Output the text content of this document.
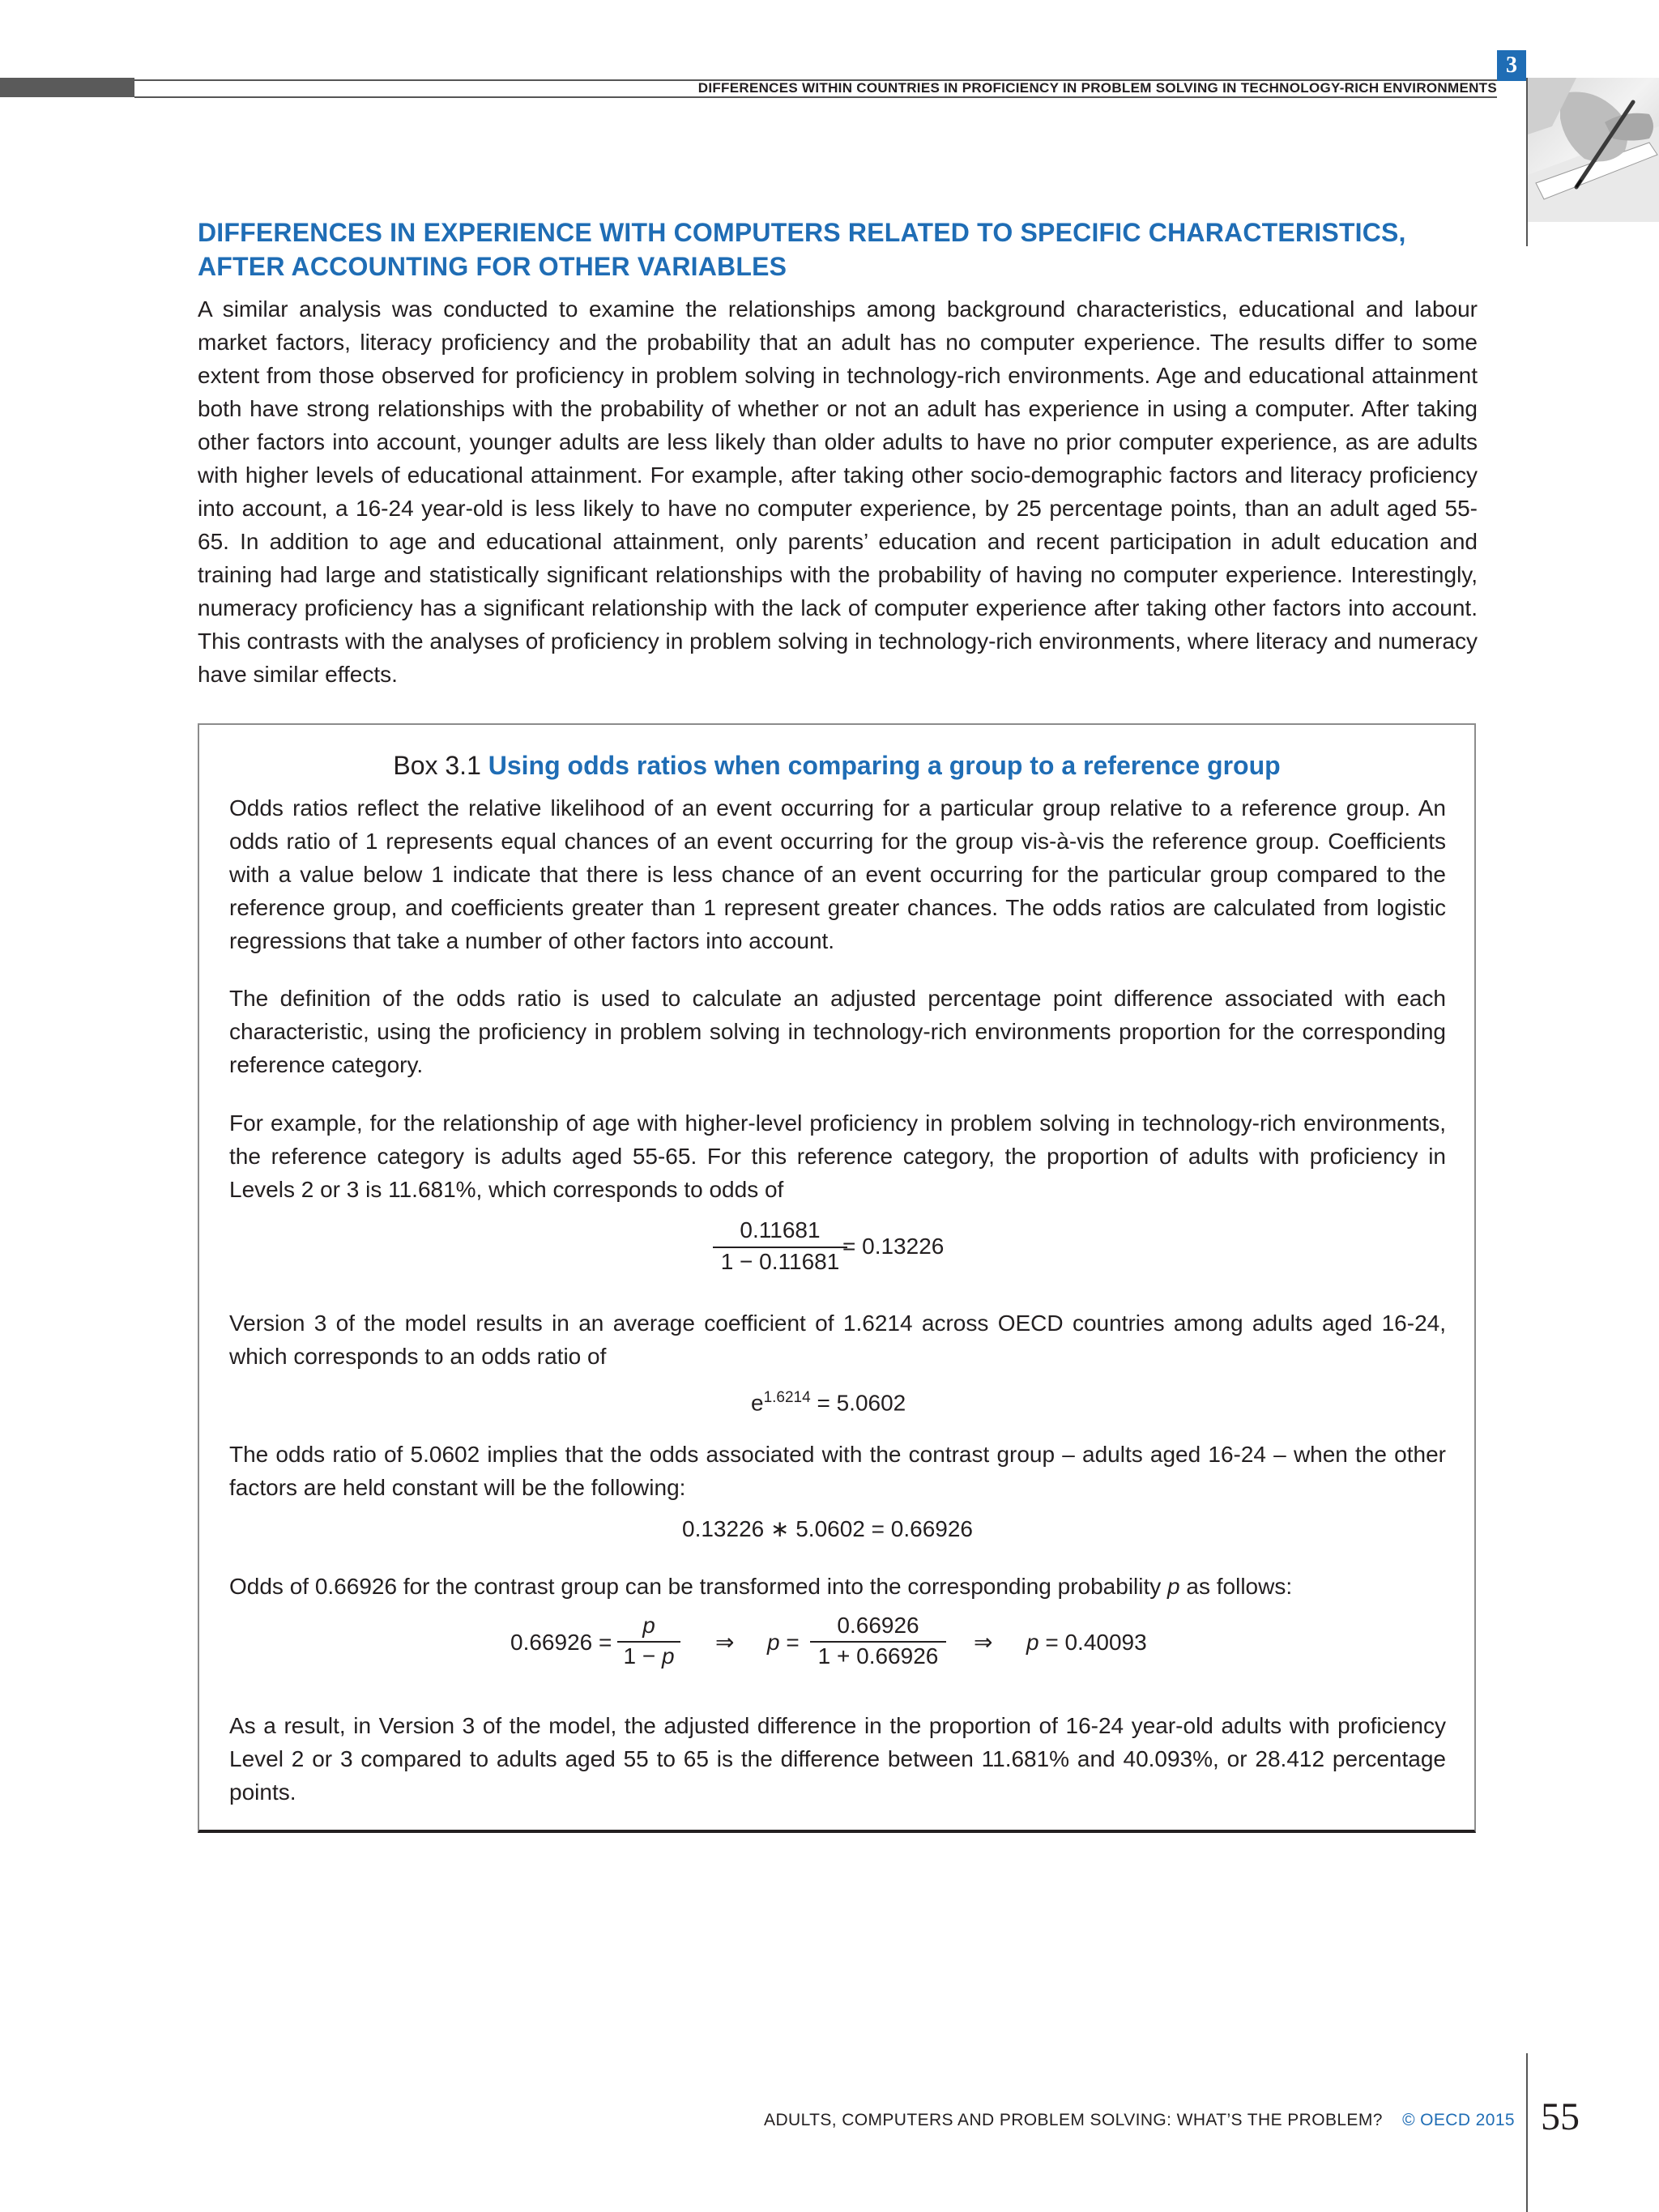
DIFFERENCES WITHIN COUNTRIES IN PROFICIENCY IN PROBLEM SOLVING IN TECHNOLOGY-RICH ENVIRONMENTS
3
DIFFERENCES IN EXPERIENCE WITH COMPUTERS RELATED TO SPECIFIC CHARACTERISTICS,
AFTER ACCOUNTING FOR OTHER VARIABLES
A similar analysis was conducted to examine the relationships among background characteristics, educational and labour market factors, literacy proficiency and the probability that an adult has no computer experience. The results differ to some extent from those observed for proficiency in problem solving in technology-rich environments. Age and educational attainment both have strong relationships with the probability of whether or not an adult has experience in using a computer. After taking other factors into account, younger adults are less likely than older adults to have no prior computer experience, as are adults with higher levels of educational attainment. For example, after taking other socio-demographic factors and literacy proficiency into account, a 16-24 year-old is less likely to have no computer experience, by 25 percentage points, than an adult aged 55-65. In addition to age and educational attainment, only parents’ education and recent participation in adult education and training had large and statistically significant relationships with the probability of having no computer experience. Interestingly, numeracy proficiency has a significant relationship with the lack of computer experience after taking other factors into account. This contrasts with the analyses of proficiency in problem solving in technology-rich environments, where literacy and numeracy have similar effects.
Box 3.1 Using odds ratios when comparing a group to a reference group
Odds ratios reflect the relative likelihood of an event occurring for a particular group relative to a reference group. An odds ratio of 1 represents equal chances of an event occurring for the group vis-à-vis the reference group. Coefficients with a value below 1 indicate that there is less chance of an event occurring for the particular group compared to the reference group, and coefficients greater than 1 represent greater chances. The odds ratios are calculated from logistic regressions that take a number of other factors into account.
The definition of the odds ratio is used to calculate an adjusted percentage point difference associated with each characteristic, using the proficiency in problem solving in technology-rich environments proportion for the corresponding reference category.
For example, for the relationship of age with higher-level proficiency in problem solving in technology-rich environments, the reference category is adults aged 55-65. For this reference category, the proportion of adults with proficiency in Levels 2 or 3 is 11.681%, which corresponds to odds of
0.11681
1 − 0.11681
= 0.13226
Version 3 of the model results in an average coefficient of 1.6214 across OECD countries among adults aged 16-24, which corresponds to an odds ratio of
$e^{1.6214} = 5.0602$
The odds ratio of 5.0602 implies that the odds associated with the contrast group – adults aged 16-24 – when the other factors are held constant will be the following:
0.13226 ∗ 5.0602 = 0.66926
Odds of 0.66926 for the contrast group can be transformed into the corresponding probability p as follows:
0.66926 =
p
1 − p
⇒ p =
0.66926
1 + 0.66926
⇒ p = 0.40093
As a result, in Version 3 of the model, the adjusted difference in the proportion of 16-24 year-old adults with proficiency Level 2 or 3 compared to adults aged 55 to 65 is the difference between 11.681% and 40.093%, or 28.412 percentage points.
ADULTS, COMPUTERS AND PROBLEM SOLVING: WHAT’S THE PROBLEM? © OECD 2015 55
